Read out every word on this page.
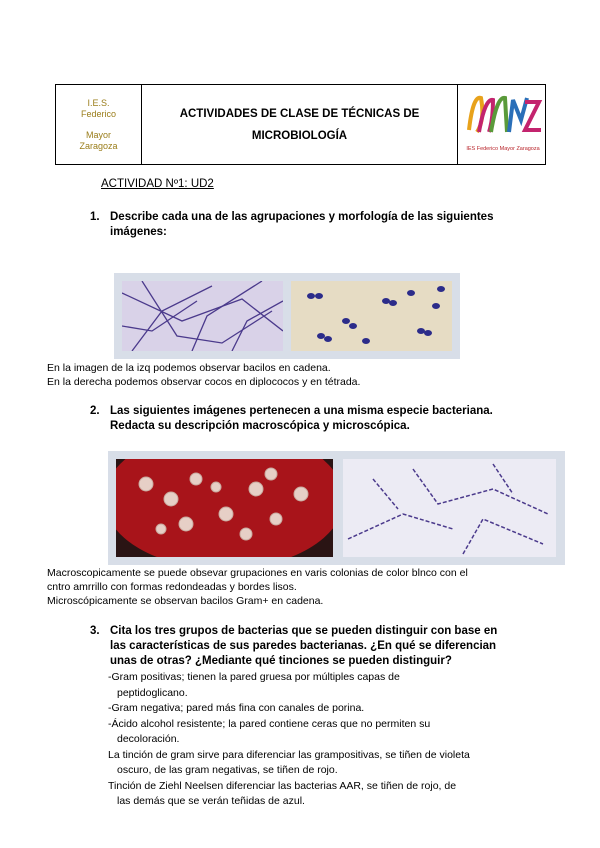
I.E.S.
Federico
Mayor
Zaragoza
ACTIVIDADES DE CLASE DE TÉCNICAS DE
MICROBIOLOGÍA
IES Federico Mayor Zaragoza
ACTIVIDAD Nº1: UD2
1. Describe cada una de las agrupaciones y morfología de las siguientes
imágenes:
En la imagen de la izq podemos observar bacilos en cadena.
En la derecha podemos observar cocos en diplococos y en tétrada.
2. Las siguientes imágenes pertenecen a una misma especie bacteriana.
Redacta su descripción macroscópica y microscópica.
Macroscopicamente se puede obsevar grupaciones en varis colonias de color blnco con el
cntro amrrillo con formas redondeadas y bordes lisos.
Microscópicamente se observan bacilos Gram+ en cadena.
3. Cita los tres grupos de bacterias que se pueden distinguir con base en
las características de sus paredes bacterianas. ¿En qué se diferencian
unas de otras? ¿Mediante qué tinciones se pueden distinguir?
-Gram positivas; tienen la pared gruesa por múltiples capas de
peptidoglicano.
-Gram negativa; pared más fina con canales de porina.
-Ácido alcohol resistente; la pared contiene ceras que no permiten su
decoloración.
La tinción de gram sirve para diferenciar las grampositivas, se tiñen de violeta
oscuro, de las gram negativas, se tiñen de rojo.
Tinción de Ziehl Neelsen diferenciar las bacterias AAR, se tiñen de rojo, de
las demás que se verán teñidas de azul.
